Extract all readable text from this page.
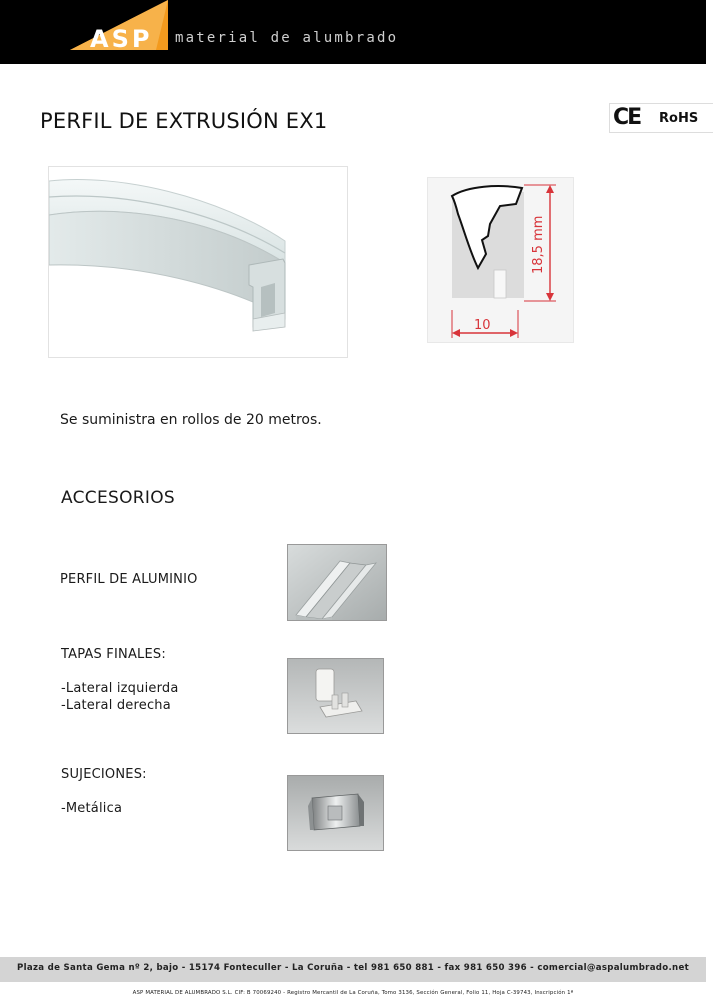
ASP material de alumbrado
PERFIL DE EXTRUSIÓN EX1	CE RoHS
18,5 mm
10
Se suministra en rollos de 20 metros.
ACCESORIOS
PERFIL DE ALUMINIO
TAPAS FINALES:
-Lateral izquierda
-Lateral derecha
SUJECIONES:
-Metálica
Plaza de Santa Gema nº 2, bajo - 15174 Fonteculler - La Coruña - tel 981 650 881 - fax 981 650 396 - comercial@aspalumbrado.net
ASP MATERIAL DE ALUMBRADO S.L. CIF: B 70069240 - Registro Mercantil de La Coruña, Tomo 3136, Sección General, Folio 11, Hoja C-39743, Inscripción 1ª
